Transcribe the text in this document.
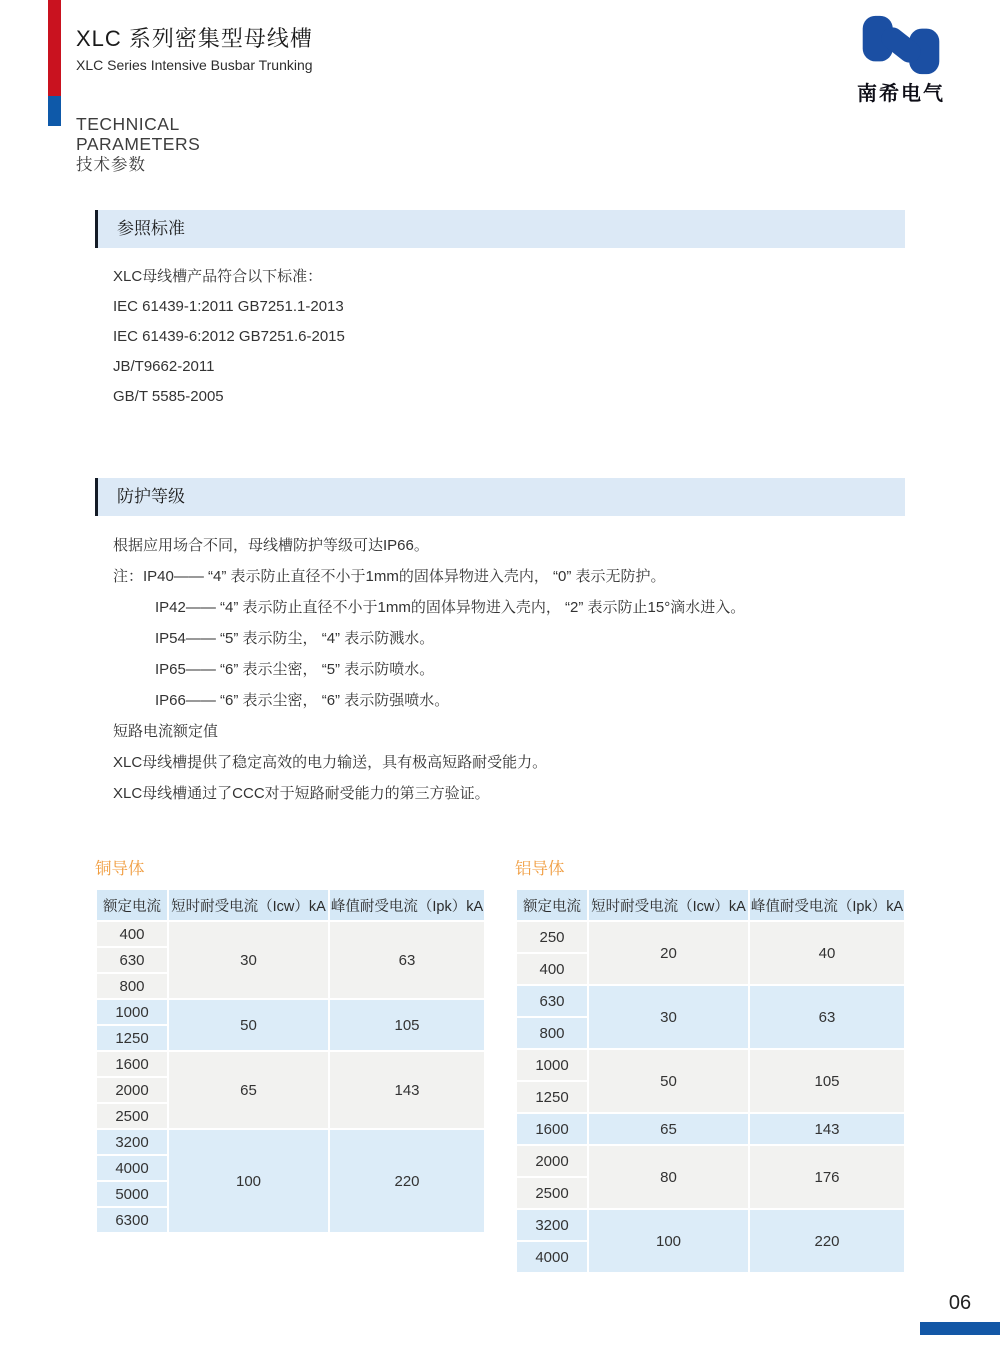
XLC 系列密集型母线槽
XLC Series Intensive Busbar Trunking
南希电气
TECHNICAL
PARAMETERS
技术参数
参照标准
XLC母线槽产品符合以下标准：
IEC 61439-1:2011 GB7251.1-2013
IEC 61439-6:2012 GB7251.6-2015
JB/T9662-2011
GB/T 5585-2005
防护等级
根据应用场合不同，母线槽防护等级可达IP66。
注：IP40—— “4” 表示防止直径不小于1mm的固体异物进入壳内， “0” 表示无防护。
IP42—— “4” 表示防止直径不小于1mm的固体异物进入壳内， “2” 表示防止15°滴水进入。
IP54—— “5” 表示防尘， “4” 表示防溅水。
IP65—— “6” 表示尘密， “5” 表示防喷水。
IP66—— “6” 表示尘密， “6” 表示防强喷水。
短路电流额定值
XLC母线槽提供了稳定高效的电力输送，具有极高短路耐受能力。
XLC母线槽通过了CCC对于短路耐受能力的第三方验证。
铜导体	铝导体
额定电流	短时耐受电流（Icw）kA	峰值耐受电流（Ipk）kA
400	30	63
630		
800		
1000	50	105
1250		
1600	65	143
2000		
2500		
3200	100	220
4000		
5000		
6300		
额定电流	短时耐受电流（Icw）kA	峰值耐受电流（Ipk）kA
250	20	40
400		
630	30	63
800		
1000	50	105
1250		
1600	65	143
2000	80	176
2500		
3200	100	220
4000		
06
